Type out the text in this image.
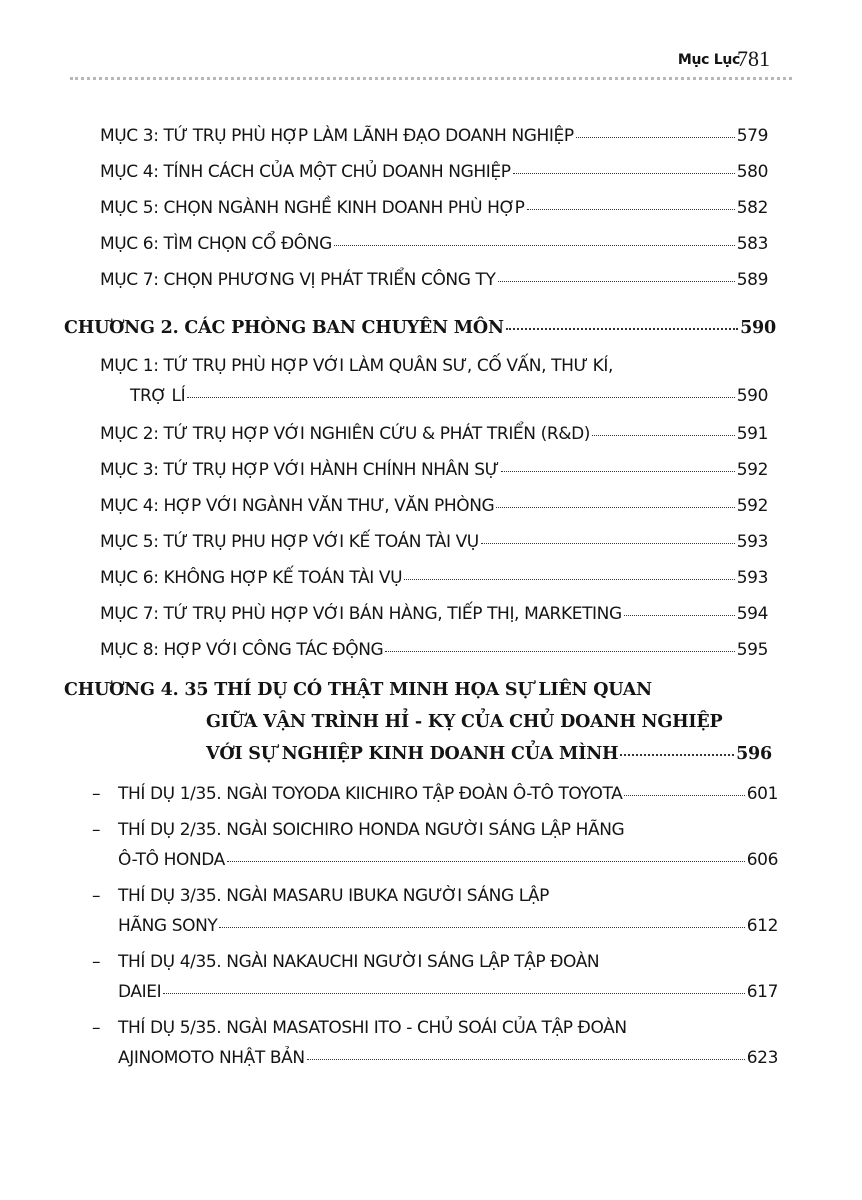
Mục Lục
781
MỤC 3: TỨ TRỤ PHÙ HỢP LÀM LÃNH ĐẠO DOANH NGHIỆP	579
MỤC 4: TÍNH CÁCH CỦA MỘT CHỦ DOANH NGHIỆP	580
MỤC 5: CHỌN NGÀNH NGHỀ KINH DOANH PHÙ HỢP	582
MỤC 6: TÌM CHỌN CỔ ĐÔNG	583
MỤC 7: CHỌN PHƯƠNG VỊ PHÁT TRIỂN CÔNG TY	589
CHƯƠNG 2. CÁC PHÒNG BAN CHUYÊN MÔN	590
MỤC 1: TỨ TRỤ PHÙ HỢP VỚI LÀM QUÂN SƯ, CỐ VẤN, THƯ KÍ,
TRỢ LÍ	590
MỤC 2: TỨ TRỤ HỢP VỚI NGHIÊN CỨU & PHÁT TRIỂN (R&D)	591
MỤC 3: TỨ TRỤ HỢP VỚI HÀNH CHÍNH NHÂN SỰ	592
MỤC 4: HỢP VỚI NGÀNH VĂN THƯ, VĂN PHÒNG	592
MỤC 5: TỨ TRỤ PHU HỢP VỚI KẾ TOÁN TÀI VỤ	593
MỤC 6: KHÔNG HỢP KẾ TOÁN TÀI VỤ	593
MỤC 7: TỨ TRỤ PHÙ HỢP VỚI BÁN HÀNG, TIẾP THỊ, MARKETING	594
MỤC 8: HỢP VỚI CÔNG TÁC ĐỘNG	595
CHƯƠNG 4. 35 THÍ DỤ CÓ THẬT MINH HỌA SỰ LIÊN QUAN
GIỮA VẬN TRÌNH HỈ - KỴ CỦA CHỦ DOANH NGHIỆP
VỚI SỰ NGHIỆP KINH DOANH CỦA MÌNH	596
–	THÍ DỤ 1/35. NGÀI TOYODA KIICHIRO TẬP ĐOÀN Ô-TÔ TOYOTA	601
– THÍ DỤ 2/35. NGÀI SOICHIRO HONDA NGƯỜI SÁNG LẬP HÃNG
Ô-TÔ HONDA	606
– THÍ DỤ 3/35. NGÀI MASARU IBUKA NGƯỜI SÁNG LẬP
HÃNG SONY	612
– THÍ DỤ 4/35. NGÀI NAKAUCHI NGƯỜI SÁNG LẬP TẬP ĐOÀN
DAIEI	617
– THÍ DỤ 5/35. NGÀI MASATOSHI ITO - CHỦ SOÁI CỦA TẬP ĐOÀN
AJINOMOTO NHẬT BẢN	623
